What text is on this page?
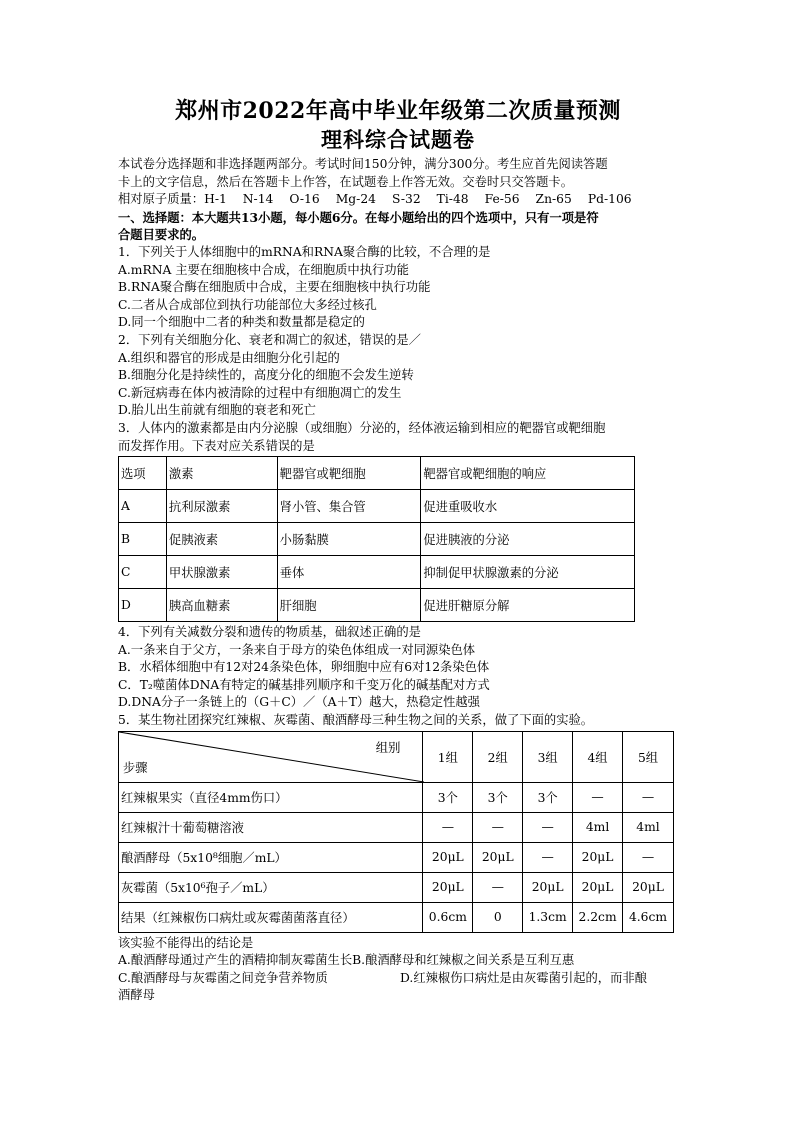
郑州市2022年高中毕业年级第二次质量预测
理科综合试题卷
本试卷分选择题和非选择题两部分。考试时间150分钟，满分300分。考生应首先阅读答题
卡上的文字信息，然后在答题卡上作答，在试题卷上作答无效。交卷时只交答题卡。
相对原子质量：H-1 N-14 O-16 Mg-24 S-32 Ti-48 Fe-56 Zn-65 Pd-106
一、选择题：本大题共13小题，每小题6分。在每小题给出的四个选项中，只有一项是符
合题目要求的。
1．下列关于人体细胞中的mRNA和RNA聚合酶的比较，不合理的是
A.mRNA 主要在细胞核中合成，在细胞质中执行功能
B.RNA聚合酶在细胞质中合成，主要在细胞核中执行功能
C.二者从合成部位到执行功能部位大多经过核孔
D.同一个细胞中二者的种类和数量都是稳定的
2．下列有关细胞分化、衰老和凋亡的叙述，错误的是／
A.组织和器官的形成是由细胞分化引起的
B.细胞分化是持续性的，高度分化的细胞不会发生逆转
C.新冠病毒在体内被清除的过程中有细胞凋亡的发生
D.胎儿出生前就有细胞的衰老和死亡
3．人体内的激素都是由内分泌腺（或细胞）分泌的，经体液运输到相应的靶器官或靶细胞
而发挥作用。下表对应关系错误的是
选项	激素	靶器官或靶细胞	靶器官或靶细胞的响应
A	抗利尿激素	肾小管、集合管	促进重吸收水
B	促胰液素	小肠黏膜	促进胰液的分泌
C	甲状腺激素	垂体	抑制促甲状腺激素的分泌
D	胰高血糖素	肝细胞	促进肝糖原分解
4．下列有关减数分裂和遗传的物质基，础叙述正确的是
A.一条来自于父方，一条来自于母方的染色体组成一对同源染色体
B．水稻体细胞中有12对24条染色体，卵细胞中应有6对12条染色体
C．T₂噬菌体DNA有特定的碱基排列顺序和千变万化的碱基配对方式
D.DNA分子一条链上的（G＋C）／（A＋T）越大，热稳定性越强
5．某生物社团探究红辣椒、灰霉菌、酿酒酵母三种生物之间的关系，做了下面的实验。
组别
步骤	1组	2组	3组	4组	5组
红辣椒果实（直径4mm伤口）	3个	3个	3个	—	—
红辣椒汁十葡萄糖溶液	—	—	—	4ml	4ml
酿酒酵母（5x10⁸细胞／mL）	20μL	20μL	—	20μL	—
灰霉菌（5x10⁶孢子／mL）	20μL	—	20μL	20μL	20μL
结果（红辣椒伤口病灶或灰霉菌菌落直径）	0.6cm	0	1.3cm	2.2cm	4.6cm
该实验不能得出的结论是
A.酿酒酵母通过产生的酒精抑制灰霉菌生长B.酿酒酵母和红辣椒之间关系是互利互惠
C.酿酒酵母与灰霉菌之间竞争营养物质	D.红辣椒伤口病灶是由灰霉菌引起的，而非酿
酒酵母
